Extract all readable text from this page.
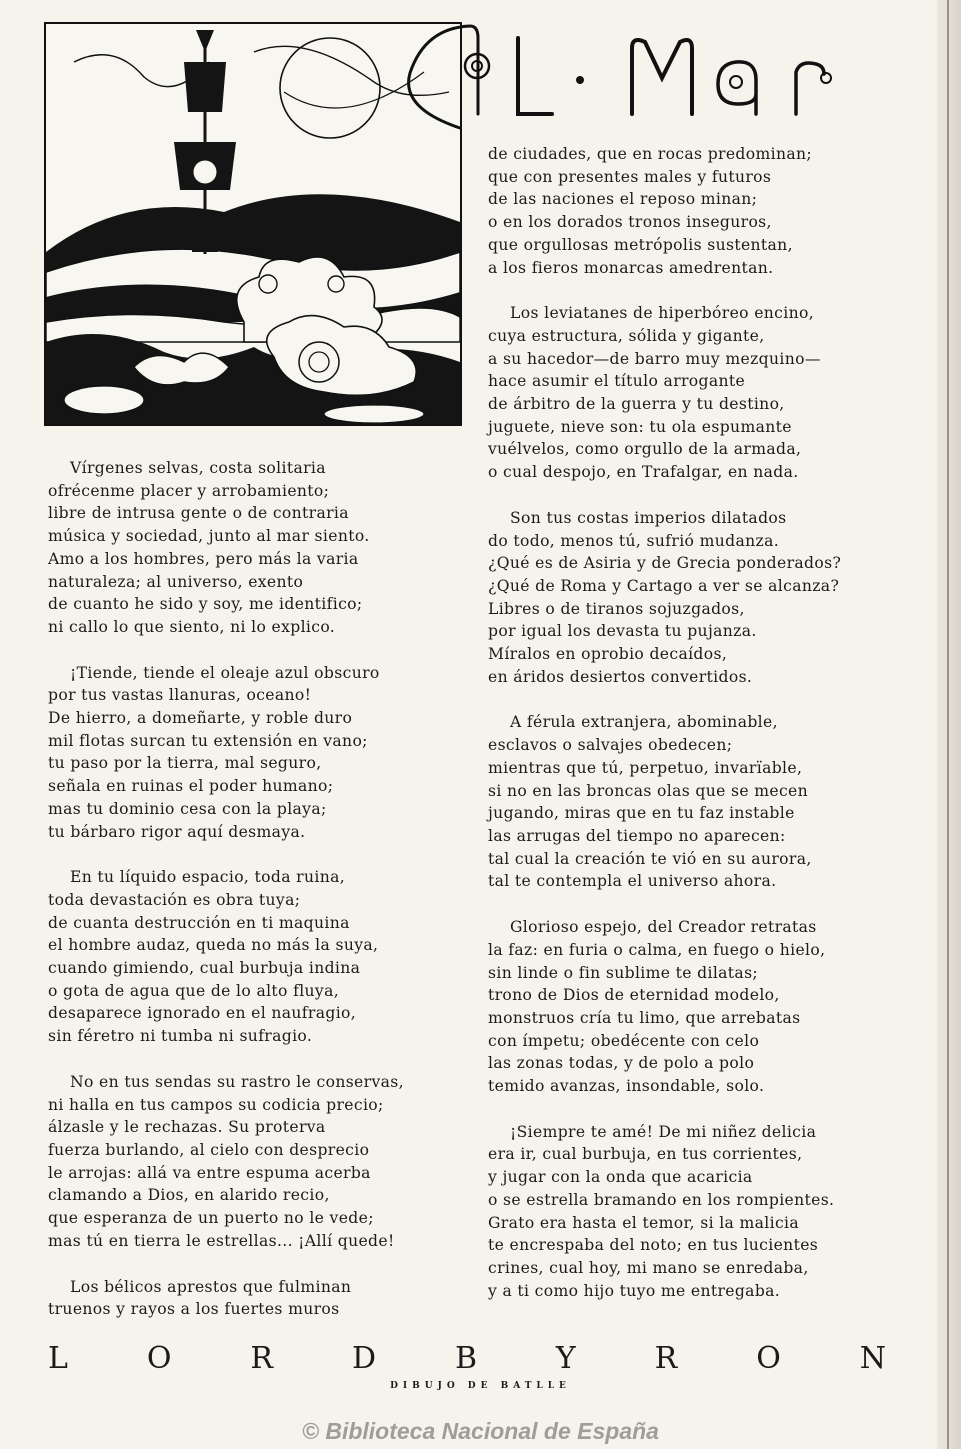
Vírgenes selvas, costa solitaria
ofrécenme placer y arrobamiento;
libre de intrusa gente o de contraria
música y sociedad, junto al mar siento.
Amo a los hombres, pero más la varia
naturaleza; al universo, exento
de cuanto he sido y soy, me identifico;
ni callo lo que siento, ni lo explico.
¡Tiende, tiende el oleaje azul obscuro
por tus vastas llanuras, oceano!
De hierro, a domeñarte, y roble duro
mil flotas surcan tu extensión en vano;
tu paso por la tierra, mal seguro,
señala en ruinas el poder humano;
mas tu dominio cesa con la playa;
tu bárbaro rigor aquí desmaya.
En tu líquido espacio, toda ruina,
toda devastación es obra tuya;
de cuanta destrucción en ti maquina
el hombre audaz, queda no más la suya,
cuando gimiendo, cual burbuja indina
o gota de agua que de lo alto fluya,
desaparece ignorado en el naufragio,
sin féretro ni tumba ni sufragio.
No en tus sendas su rastro le conservas,
ni halla en tus campos su codicia precio;
álzasle y le rechazas. Su proterva
fuerza burlando, al cielo con desprecio
le arrojas: allá va entre espuma acerba
clamando a Dios, en alarido recio,
que esperanza de un puerto no le vede;
mas tú en tierra le estrellas... ¡Allí quede!
Los bélicos aprestos que fulminan
truenos y rayos a los fuertes muros
de ciudades, que en rocas predominan;
que con presentes males y futuros
de las naciones el reposo minan;
o en los dorados tronos inseguros,
que orgullosas metrópolis sustentan,
a los fieros monarcas amedrentan.
Los leviatanes de hiperbóreo encino,
cuya estructura, sólida y gigante,
a su hacedor—de barro muy mezquino—
hace asumir el título arrogante
de árbitro de la guerra y tu destino,
juguete, nieve son: tu ola espumante
vuélvelos, como orgullo de la armada,
o cual despojo, en Trafalgar, en nada.
Son tus costas imperios dilatados
do todo, menos tú, sufrió mudanza.
¿Qué es de Asiria y de Grecia ponderados?
¿Qué de Roma y Cartago a ver se alcanza?
Libres o de tiranos sojuzgados,
por igual los devasta tu pujanza.
Míralos en oprobio decaídos,
en áridos desiertos convertidos.
A férula extranjera, abominable,
esclavos o salvajes obedecen;
mientras que tú, perpetuo, invarïable,
si no en las broncas olas que se mecen
jugando, miras que en tu faz instable
las arrugas del tiempo no aparecen:
tal cual la creación te vió en su aurora,
tal te contempla el universo ahora.
Glorioso espejo, del Creador retratas
la faz: en furia o calma, en fuego o hielo,
sin linde o fin sublime te dilatas;
trono de Dios de eternidad modelo,
monstruos cría tu limo, que arrebatas
con ímpetu; obedécente con celo
las zonas todas, y de polo a polo
temido avanzas, insondable, solo.
¡Siempre te amé! De mi niñez delicia
era ir, cual burbuja, en tus corrientes,
y jugar con la onda que acaricia
o se estrella bramando en los rompientes.
Grato era hasta el temor, si la malicia
te encrespaba del noto; en tus lucientes
crines, cual hoy, mi mano se enredaba,
y a ti como hijo tuyo me entregaba.
L	O	R	D	B	Y	R	O	N
DIBUJO DE BATLLE
© Biblioteca Nacional de España
